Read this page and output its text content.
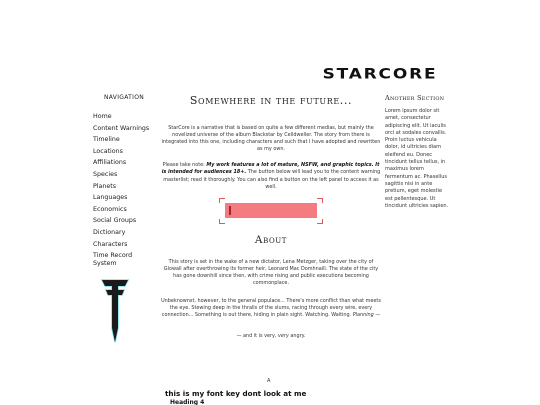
STARCORE
NAVIGATION
Home
Content Warnings
Timeline
Locations
Affiliations
Species
Planets
Languages
Economics
Social Groups
Dictionary
Characters
Time Record System
Somewhere in the future...

StarCore is a narrative that is based on quite a few different medias, but mainly the novelized universe of the album Blackstar by Celldweller. The story from there is integrated into this one, including characters and such that I have adopted and rewritten as my own.

Please take note: My work features a lot of mature, NSFW, and graphic topics. It is intended for audiences 18+. The button below will lead you to the content warning masterlist; read it thoroughly. You can also find a button on the left panel to access it as well.

About

This story is set in the wake of a new dictator, Lena Metzger, taking over the city of Glowall after overthrowing its former heir, Leonard Mac Domhnaill. The state of the city has gone downhill since then, with crime rising and public executions becoming commonplace.

Unbeknownst, however, to the general populace... There's more conflict than what meets the eye. Stewing deep in the thralls of the slums, racing through every wire, every connection... Something is out there, hiding in plain sight. Watching. Waiting. Planning —

— and it is very, very angry.

A
this is my font key dont look at me
Heading 4
Another Section

Lorem ipsum dolor sit amet, consectetur adipiscing elit. Ut iaculis orci at sodales convallis. Proin luctus vehicula dolor, id ultricies diam eleifend eu. Donec tincidunt tellus tellus, in maximus lorem fermentum ac. Phasellus sagittis nisi in ante pretium, eget molestie est pellentesque. Ut tincidunt ultricies sapien.
